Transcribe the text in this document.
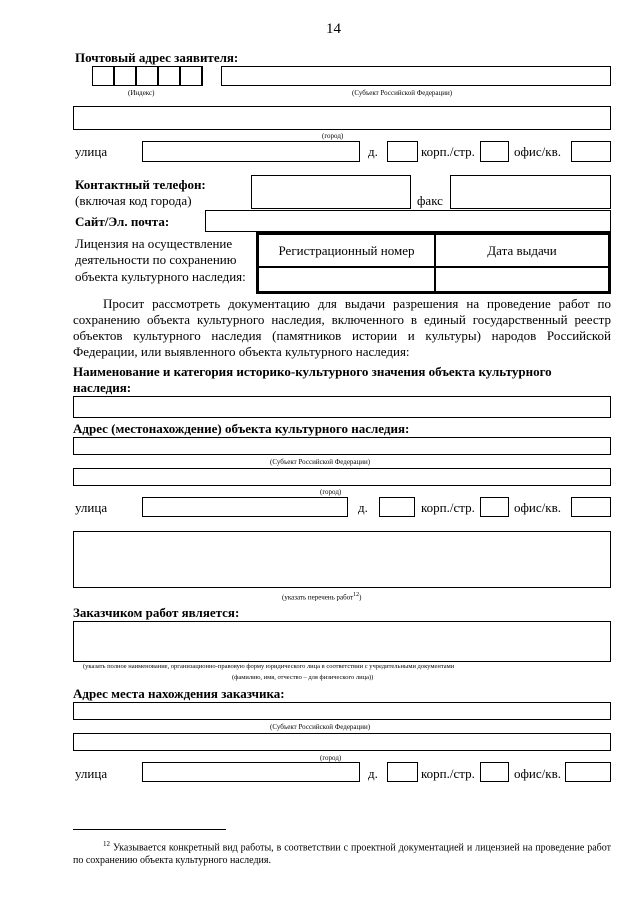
14
Почтовый адрес заявителя:
(Индекс)	(Субъект Российской Федерации)
(город)
улица	д.	корп./стр.	офис/кв.
Контактный телефон:
(включая код города)	факс
Сайт/Эл. почта:
Лицензия на осуществление
деятельности по сохранению
объекта культурного наследия:
Регистрационный номер	Дата выдачи
Просит рассмотреть документацию для выдачи разрешения на проведение работ по сохранению объекта культурного наследия, включенного в единый государственный реестр объектов культурного наследия (памятников истории и культуры) народов Российской Федерации, или выявленного объекта культурного наследия:
Наименование и категория историко-культурного значения объекта культурного
наследия:
Адрес (местонахождение) объекта культурного наследия:
(Субъект Российской Федерации)
(город)
улица	д.	корп./стр.	офис/кв.
(указать перечень работ$^{12}$)
Заказчиком работ является:
(указать полное наименование, организационно-правовую форму юридического лица в соответствии с учредительными документами
(фамилию, имя, отчество – для физического лица))
Адрес места нахождения заказчика:
(Субъект Российской Федерации)
(город)
улица	д.	корп./стр.	офис/кв.
$^{12}$ Указывается конкретный вид работы, в соответствии с проектной документацией и лицензией на проведение работ по сохранению объекта культурного наследия.
